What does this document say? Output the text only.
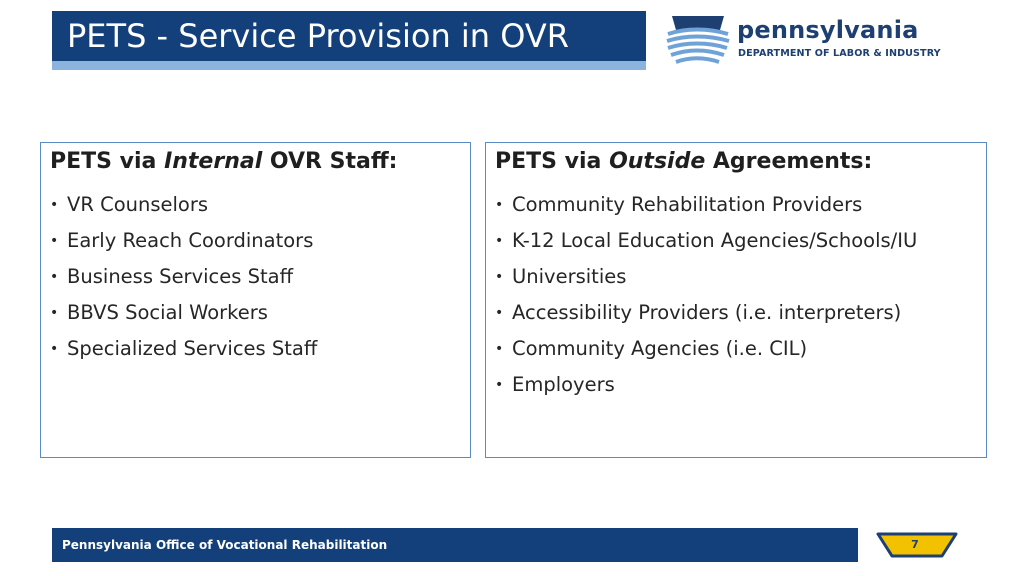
PETS - Service Provision in OVR	pennsylvania
DEPARTMENT OF LABOR & INDUSTRY
PETS via Internal OVR Staff:
• VR Counselors
• Early Reach Coordinators
• Business Services Staff
• BBVS Social Workers
• Specialized Services Staff
PETS via Outside Agreements:
• Community Rehabilitation Providers
• K-12 Local Education Agencies/Schools/IU
• Universities
• Accessibility Providers (i.e. interpreters)
• Community Agencies (i.e. CIL)
• Employers
Pennsylvania Office of Vocational Rehabilitation	7
